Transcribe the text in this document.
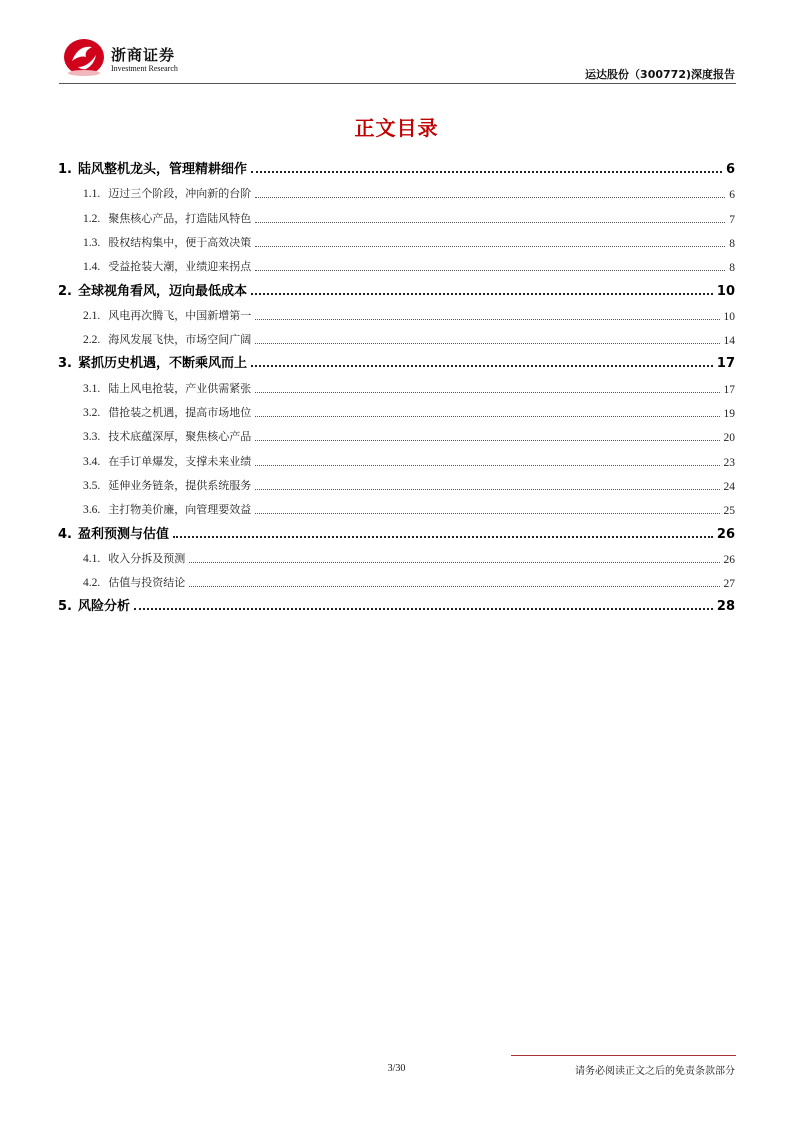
浙商证券
Investment Research	运达股份（300772)深度报告
正文目录
1. 陆风整机龙头，管理精耕细作	6
1.1. 迈过三个阶段，冲向新的台阶	6
1.2. 聚焦核心产品，打造陆风特色	7
1.3. 股权结构集中，便于高效决策	8
1.4. 受益抢装大潮，业绩迎来拐点	8
2. 全球视角看风，迈向最低成本	10
2.1. 风电再次腾飞，中国新增第一	10
2.2. 海风发展飞快，市场空间广阔	14
3. 紧抓历史机遇，不断乘风而上	17
3.1. 陆上风电抢装，产业供需紧张	17
3.2. 借抢装之机遇，提高市场地位	19
3.3. 技术底蕴深厚，聚焦核心产品	20
3.4. 在手订单爆发，支撑未来业绩	23
3.5. 延伸业务链条，提供系统服务	24
3.6. 主打物美价廉，向管理要效益	25
4. 盈利预测与估值	26
4.1. 收入分拆及预测	26
4.2. 估值与投资结论	27
5. 风险分析	28
3/30	请务必阅读正文之后的免责条款部分
